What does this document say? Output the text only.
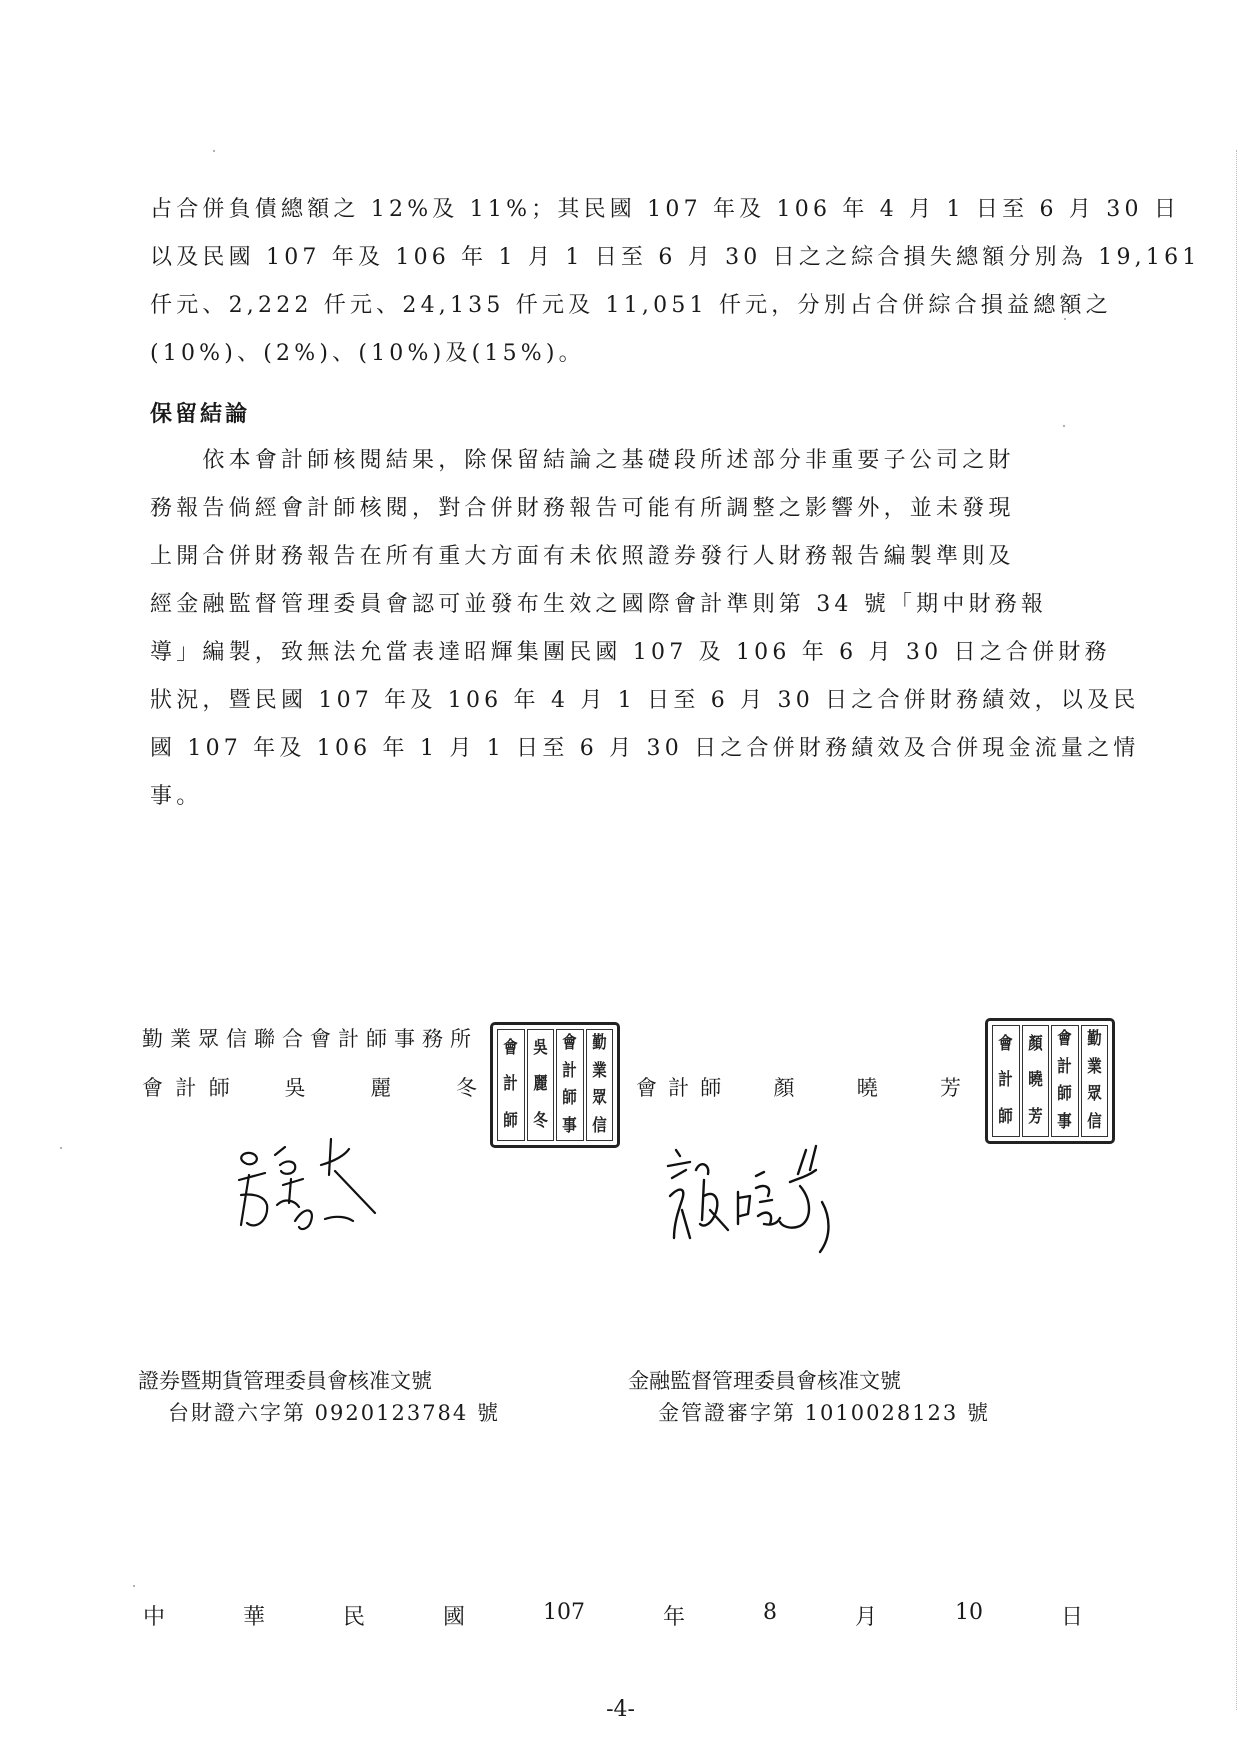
占合併負債總額之 12%及 11%；其民國 107 年及 106 年 4 月 1 日至 6 月 30 日
以及民國 107 年及 106 年 1 月 1 日至 6 月 30 日之之綜合損失總額分別為 19,161
仟元、2,222 仟元、24,135 仟元及 11,051 仟元，分別占合併綜合損益總額之
(10%)、(2%)、(10%)及(15%)。
保留結論
　　依本會計師核閱結果，除保留結論之基礎段所述部分非重要子公司之財
務報告倘經會計師核閱，對合併財務報告可能有所調整之影響外，並未發現
上開合併財務報告在所有重大方面有未依照證券發行人財務報告編製準則及
經金融監督管理委員會認可並發布生效之國際會計準則第 34 號「期中財務報
導」編製，致無法允當表達昭輝集團民國 107 及 106 年 6 月 30 日之合併財務
狀況，暨民國 107 年及 106 年 4 月 1 日至 6 月 30 日之合併財務績效，以及民
國 107 年及 106 年 1 月 1 日至 6 月 30 日之合併財務績效及合併現金流量之情
事。
勤業眾信聯合會計師事務所
會 計 師	吳	麗	冬	會 計 師 顏	曉	芳
會
計
師
吳
麗
冬
會
計
師
事
勤
業
眾
信
會
計
師
顏
曉
芳
會
計
師
事
勤
業
眾
信
證券暨期貨管理委員會核准文號
台財證六字第 0920123784 號
金融監督管理委員會核准文號
金管證審字第 1010028123 號
中	華	民	國	107	年	8	月	10	日
-4-
